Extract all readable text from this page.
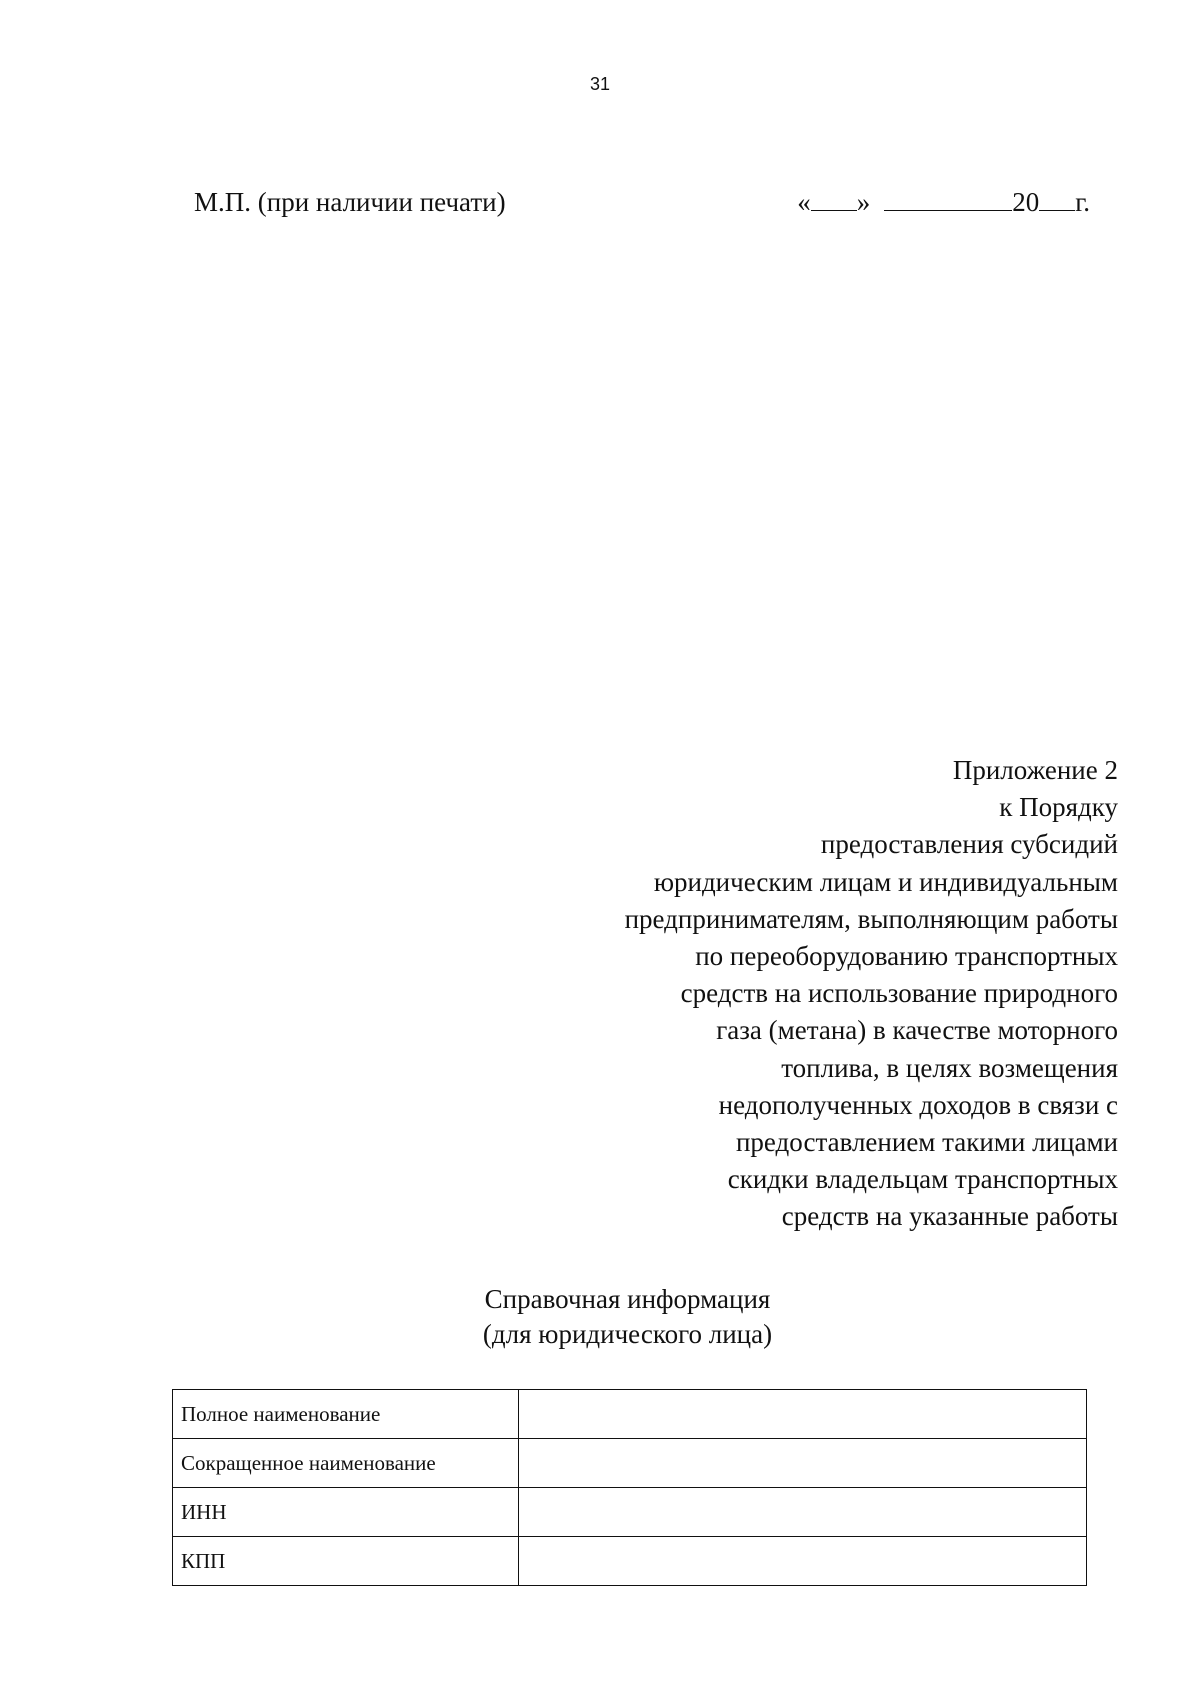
31
М.П. (при наличии печати)	« »	20 г.
Приложение 2
к Порядку
предоставления субсидий
юридическим лицам и индивидуальным
предпринимателям, выполняющим работы
по переоборудованию транспортных
средств на использование природного
газа (метана) в качестве моторного
топлива, в целях возмещения
недополученных доходов в связи с
предоставлением такими лицами
скидки владельцам транспортных
средств на указанные работы
Справочная информация
(для юридического лица)
Полное наименование	
Сокращенное наименование	
ИНН	
КПП	
